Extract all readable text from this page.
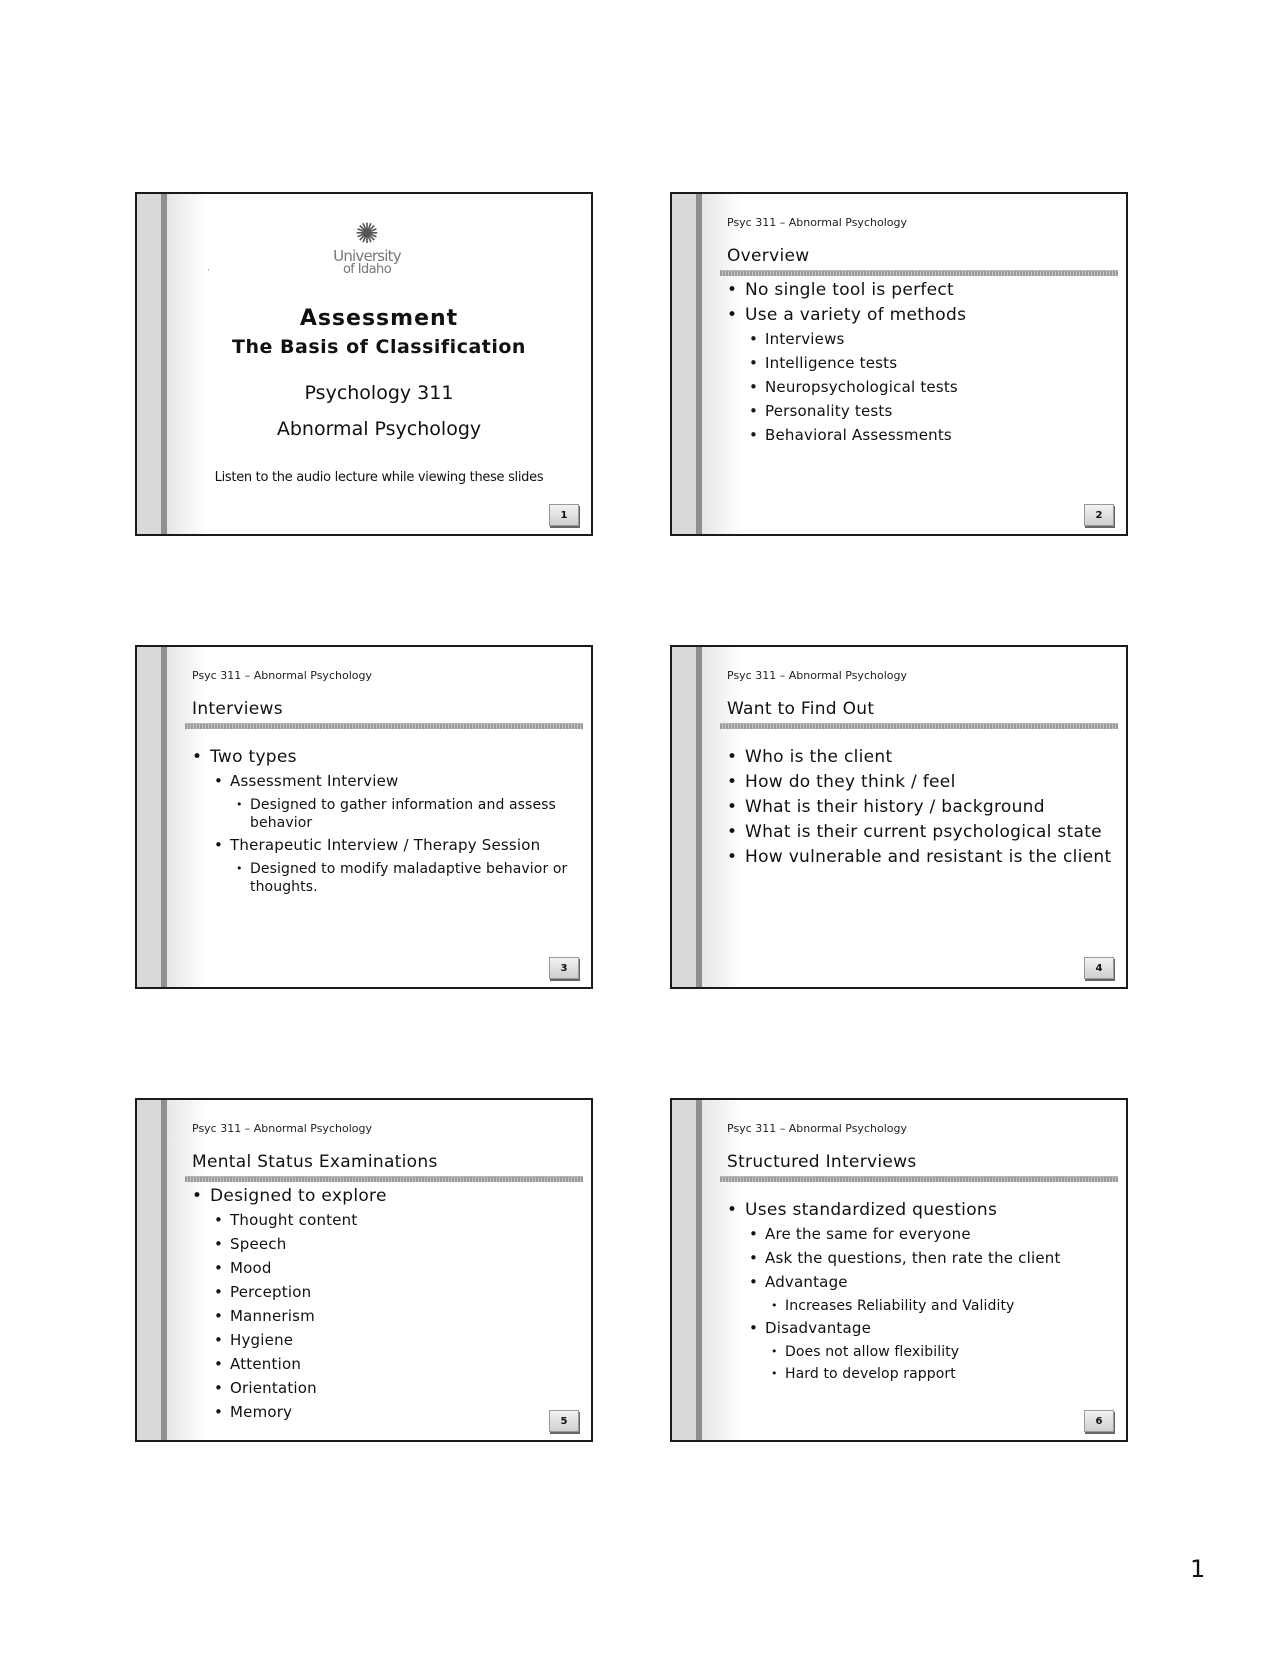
·
✺
University
of Idaho
Assessment
The Basis of Classification
Psychology 311
Abnormal Psychology
Listen to the audio lecture while viewing these slides
1
Psyc 311 – Abnormal Psychology
Overview
• No single tool is perfect
• Use a variety of methods
• Interviews
• Intelligence tests
• Neuropsychological tests
• Personality tests
• Behavioral Assessments
2
Psyc 311 – Abnormal Psychology
Interviews
• Two types
• Assessment Interview
• Designed to gather information and assess behavior
• Therapeutic Interview / Therapy Session
• Designed to modify maladaptive behavior or thoughts.
3
Psyc 311 – Abnormal Psychology
Want to Find Out
• Who is the client
• How do they think / feel
• What is their history / background
• What is their current psychological state
• How vulnerable and resistant is the client
4
Psyc 311 – Abnormal Psychology
Mental Status Examinations
• Designed to explore
• Thought content
• Speech
• Mood
• Perception
• Mannerism
• Hygiene
• Attention
• Orientation
• Memory	5
Psyc 311 – Abnormal Psychology
Structured Interviews
• Uses standardized questions
• Are the same for everyone
• Ask the questions, then rate the client
• Advantage
• Increases Reliability and Validity
• Disadvantage
• Does not allow flexibility
• Hard to develop rapport
6
1
